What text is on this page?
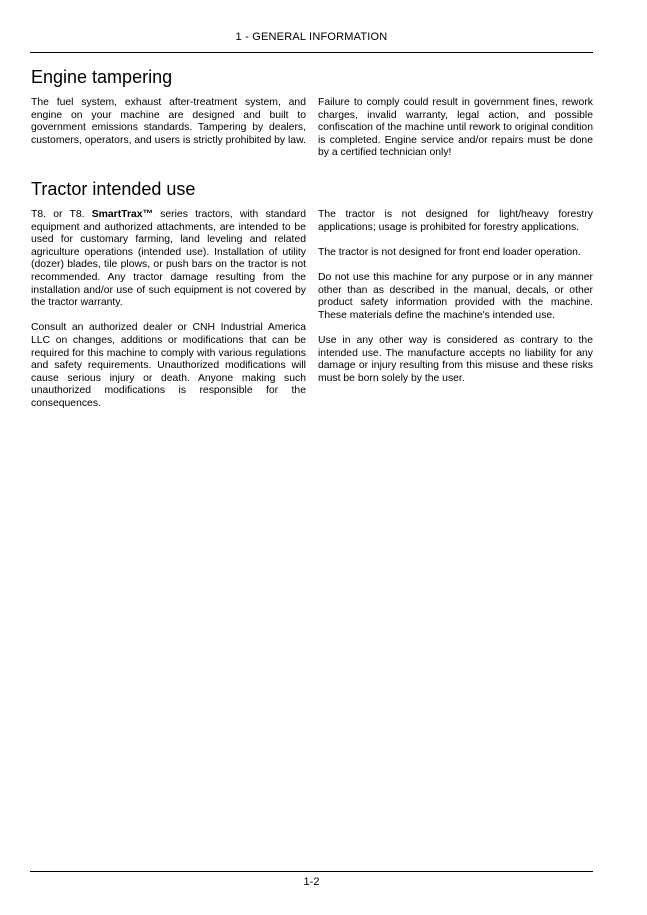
1 - GENERAL INFORMATION
Engine tampering

The fuel system, exhaust after-treatment system, and engine on your machine are designed and built to government emissions standards. Tampering by dealers, customers, operators, and users is strictly prohibited by law.

Failure to comply could result in government fines, rework charges, invalid warranty, legal action, and possible confiscation of the machine until rework to original condition is completed. Engine service and/or repairs must be done by a certified technician only!

Tractor intended use

T8. or T8. SmartTrax™ series tractors, with standard equipment and authorized attachments, are intended to be used for customary farming, land leveling and related agriculture operations (intended use). Installation of utility (dozer) blades, tile plows, or push bars on the tractor is not recommended. Any tractor damage resulting from the installation and/or use of such equipment is not covered by the tractor warranty.

Consult an authorized dealer or CNH Industrial America LLC on changes, additions or modifications that can be required for this machine to comply with various regulations and safety requirements. Unauthorized modifications will cause serious injury or death. Anyone making such unauthorized modifications is responsible for the consequences.

The tractor is not designed for light/heavy forestry applications; usage is prohibited for forestry applications.

The tractor is not designed for front end loader operation.

Do not use this machine for any purpose or in any manner other than as described in the manual, decals, or other product safety information provided with the machine. These materials define the machine's intended use.

Use in any other way is considered as contrary to the intended use. The manufacture accepts no liability for any damage or injury resulting from this misuse and these risks must be born solely by the user.

1-2
